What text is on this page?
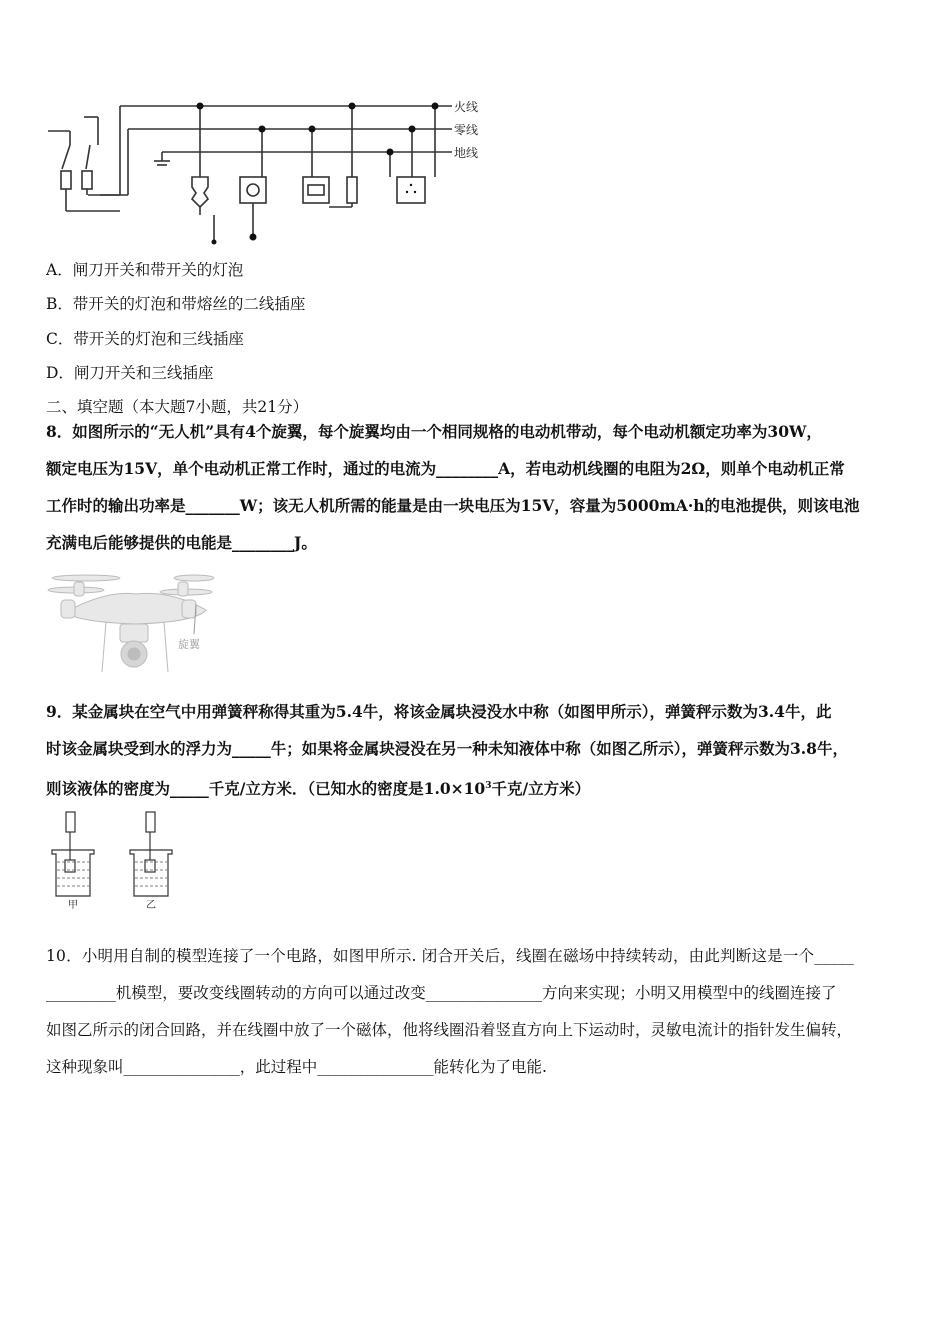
火线
零线
地线
A．闸刀开关和带开关的灯泡
B．带开关的灯泡和带熔丝的二线插座
C．带开关的灯泡和三线插座
D．闸刀开关和三线插座
二、填空题（本大题7小题，共21分）
8．如图所示的“无人机”具有4个旋翼，每个旋翼均由一个相同规格的电动机带动，每个电动机额定功率为30W，
额定电压为15V，单个电动机正常工作时，通过的电流为________A，若电动机线圈的电阻为2Ω，则单个电动机正常
工作时的输出功率是_______W；该无人机所需的能量是由一块电压为15V，容量为5000mA·h的电池提供，则该电池
充满电后能够提供的电能是________J。
旋翼
9．某金属块在空气中用弹簧秤称得其重为5.4牛，将该金属块浸没水中称（如图甲所示），弹簧秤示数为3.4牛，此
时该金属块受到水的浮力为_____牛；如果将金属块浸没在另一种未知液体中称（如图乙所示），弹簧秤示数为3.8牛，
则该液体的密度为_____千克/立方米．（已知水的密度是$1.0\times 10^3$千克/立方米）
甲	乙
10．小明用自制的模型连接了一个电路，如图甲所示. 闭合开关后，线圈在磁场中持续转动，由此判断这是一个_____
_________机模型，要改变线圈转动的方向可以通过改变_______________方向来实现；小明又用模型中的线圈连接了
如图乙所示的闭合回路，并在线圈中放了一个磁体，他将线圈沿着竖直方向上下运动时，灵敏电流计的指针发生偏转，
这种现象叫_______________，此过程中_______________能转化为了电能.
